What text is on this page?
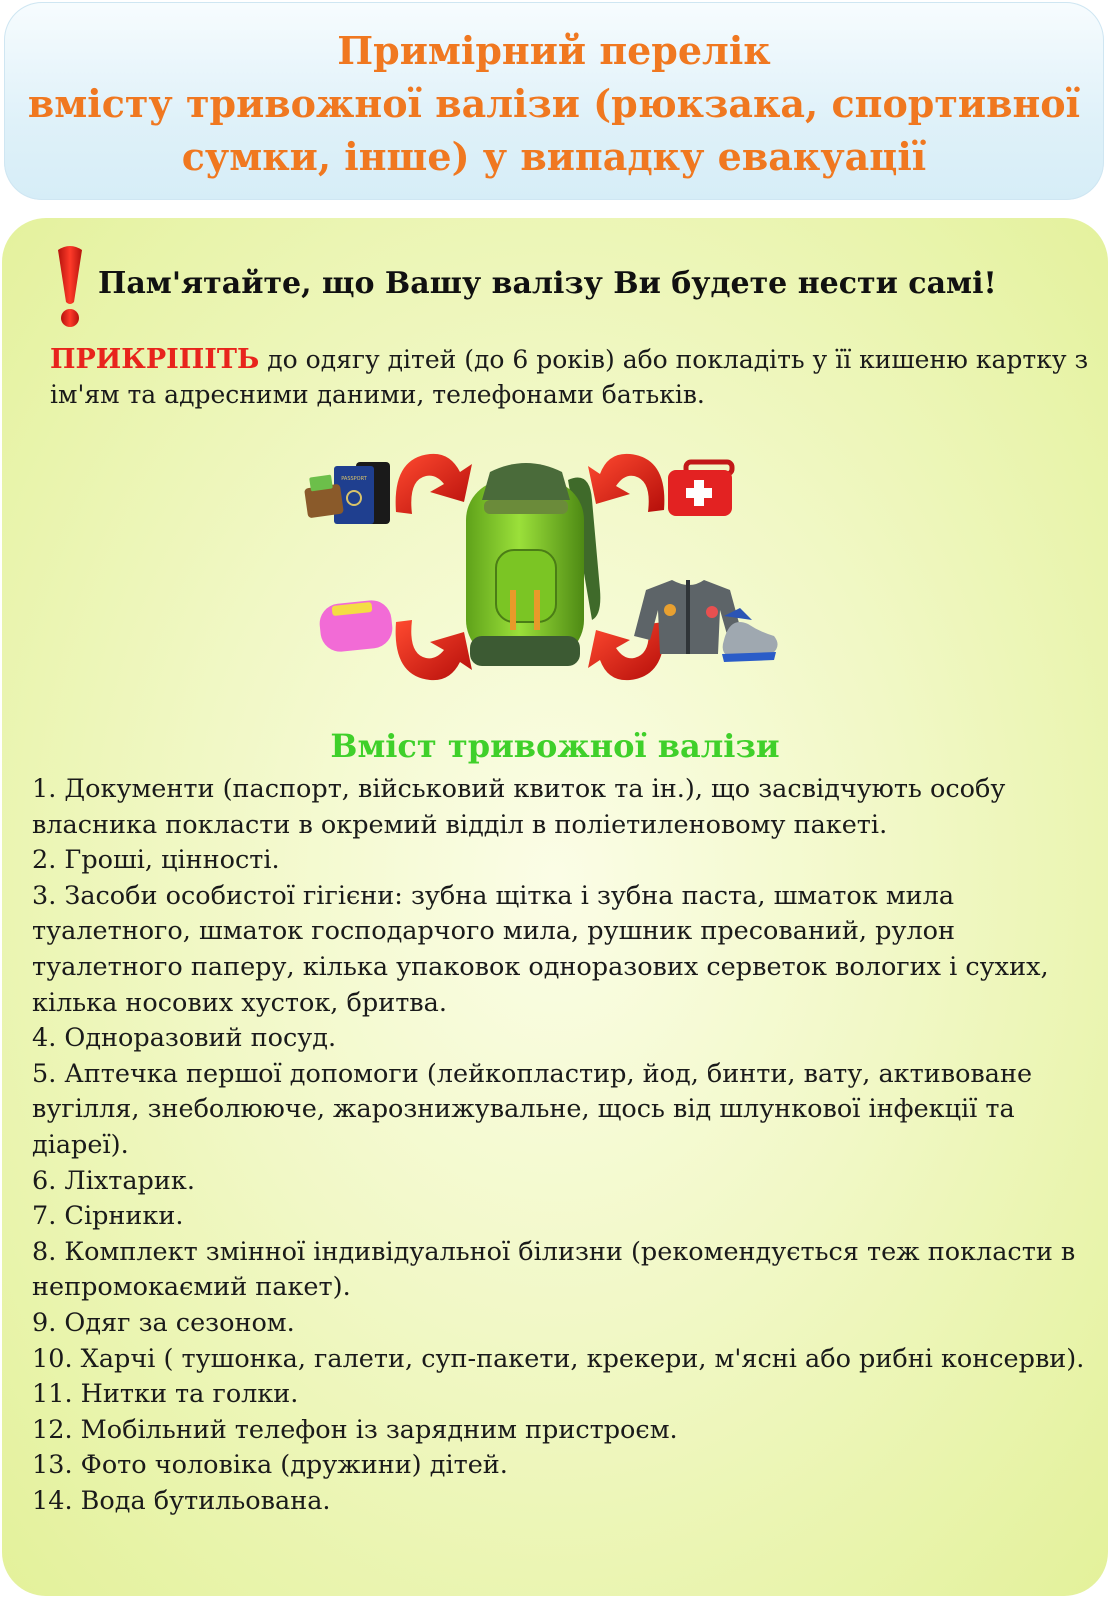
Примірний перелік
вмісту тривожної валізи (рюкзака, спортивної
сумки, інше) у випадку евакуації
Пам'ятайте, що Вашу валізу Ви будете нести самі!

ПРИКРІПІТЬ до одягу дітей (до 6 років) або покладіть у її кишеню картку з ім'ям та адресними даними, телефонами батьків.

PASSPORT
Вміст тривожної валізи
1. Документи (паспорт, військовий квиток та ін.), що засвідчують особу власника покласти в окремий відділ в поліетиленовому пакеті.
2. Гроші, цінності.
3. Засоби особистої гігієни: зубна щітка і зубна паста, шматок мила туалетного, шматок господарчого мила, рушник пресований, рулон туалетного паперу, кілька упаковок одноразових серветок вологих і сухих, кілька носових хусток, бритва.
4. Одноразовий посуд.
5. Аптечка першої допомоги (лейкопластир, йод, бинти, вату, активоване вугілля, знеболююче, жарознижувальне, щось від шлункової інфекції та діареї).
6. Ліхтарик.
7. Сірники.
8. Комплект змінної індивідуальної білизни (рекомендується теж покласти в непромокаємий пакет).
9. Одяг за сезоном.
10. Харчі ( тушонка, галети, суп-пакети, крекери, м'ясні або рибні консерви).
11. Нитки та голки.
12. Мобільний телефон із зарядним пристроєм.
13. Фото чоловіка (дружини) дітей.
14. Вода бутильована.
